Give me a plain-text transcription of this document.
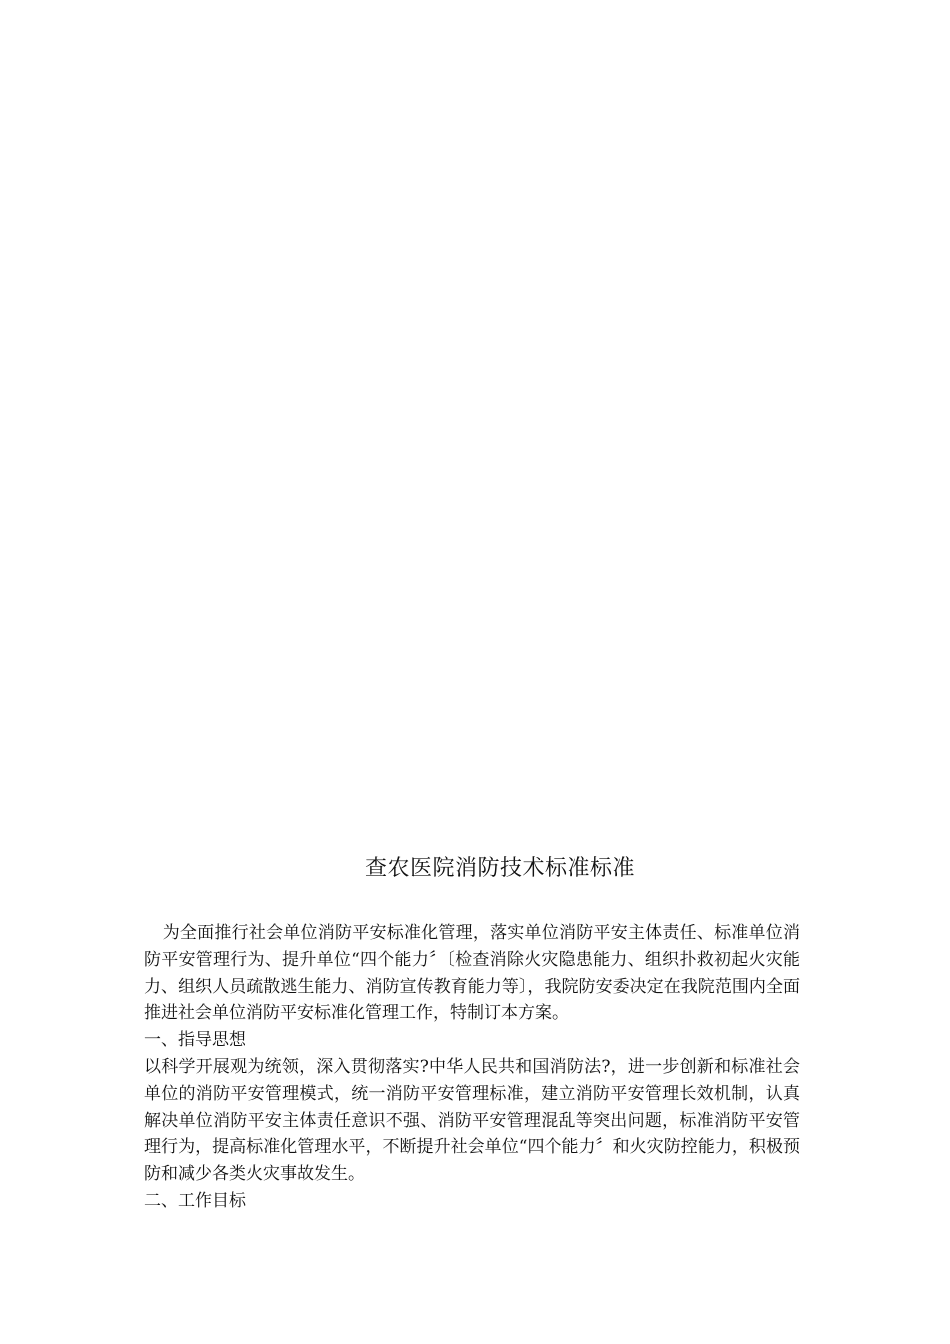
查农医院消防技术标准标准

为全面推行社会单位消防平安标准化管理，落实单位消防平安主体责任、标准单位消防平安管理行为、提升单位“四个能力〞〔检查消除火灾隐患能力、组织扑救初起火灾能力、组织人员疏散逃生能力、消防宣传教育能力等〕，我院防安委决定在我院范围内全面推进社会单位消防平安标准化管理工作，特制订本方案。

一、指导思想

以科学开展观为统领，深入贯彻落实?中华人民共和国消防法?，进一步创新和标准社会单位的消防平安管理模式，统一消防平安管理标准，建立消防平安管理长效机制，认真解决单位消防平安主体责任意识不强、消防平安管理混乱等突出问题，标准消防平安管理行为，提高标准化管理水平，不断提升社会单位“四个能力〞和火灾防控能力，积极预防和减少各类火灾事故发生。

二、工作目标
